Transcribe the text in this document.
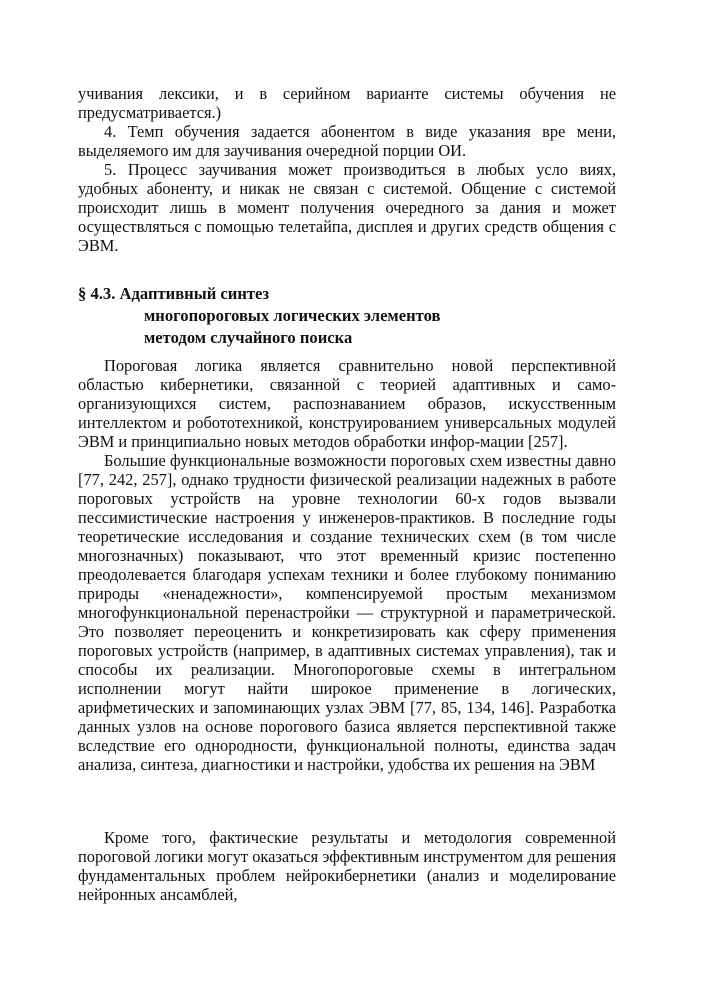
учивания лексики, и в серийном варианте системы обучения не предусматривается.)

4. Темп обучения задается абонентом в виде указания вре мени, выделяемого им для заучивания очередной порции ОИ.

5. Процесс заучивания может производиться в любых усло виях, удобных абоненту, и никак не связан с системой. Общение с системой происходит лишь в момент получения очередного за дания и может осуществляться с помощью телетайпа, дисплея и других средств общения с ЭВМ.

§ 4.3. Адаптивный синтез
многопороговых логических элементов
методом случайного поиска

Пороговая логика является сравнительно новой перспективной областью кибернетики, связанной с теорией адаптивных и само-организующихся систем, распознаванием образов, искусственным интеллектом и робототехникой, конструированием универсальных модулей ЭВМ и принципиально новых методов обработки инфор-мации [257].

Большие функциональные возможности пороговых схем известны давно [77, 242, 257], однако трудности физической реализации надежных в работе пороговых устройств на уровне технологии 60-х годов вызвали пессимистические настроения у инженеров-практиков. В последние годы теоретические исследования и создание технических схем (в том числе многозначных) показывают, что этот временный кризис постепенно преодолевается благодаря успехам техники и более глубокому пониманию природы «ненадежности», компенсируемой простым механизмом многофункциональной перенастройки — структурной и параметрической. Это позволяет переоценить и конкретизировать как сферу применения пороговых устройств (например, в адаптивных системах управления), так и способы их реализации. Многопороговые схемы в интегральном исполнении могут найти широкое применение в логических, арифметических и запоминающих узлах ЭВМ [77, 85, 134, 146]. Разработка данных узлов на основе порогового базиса является перспективной также вследствие его однородности, функциональной полноты, единства задач анализа, синтеза, диагностики и настройки, удобства их решения на ЭВМ

Кроме того, фактические результаты и методология современной пороговой логики могут оказаться эффективным инструментом для решения фундаментальных проблем нейрокибернетики (анализ и моделирование нейронных ансамблей,
